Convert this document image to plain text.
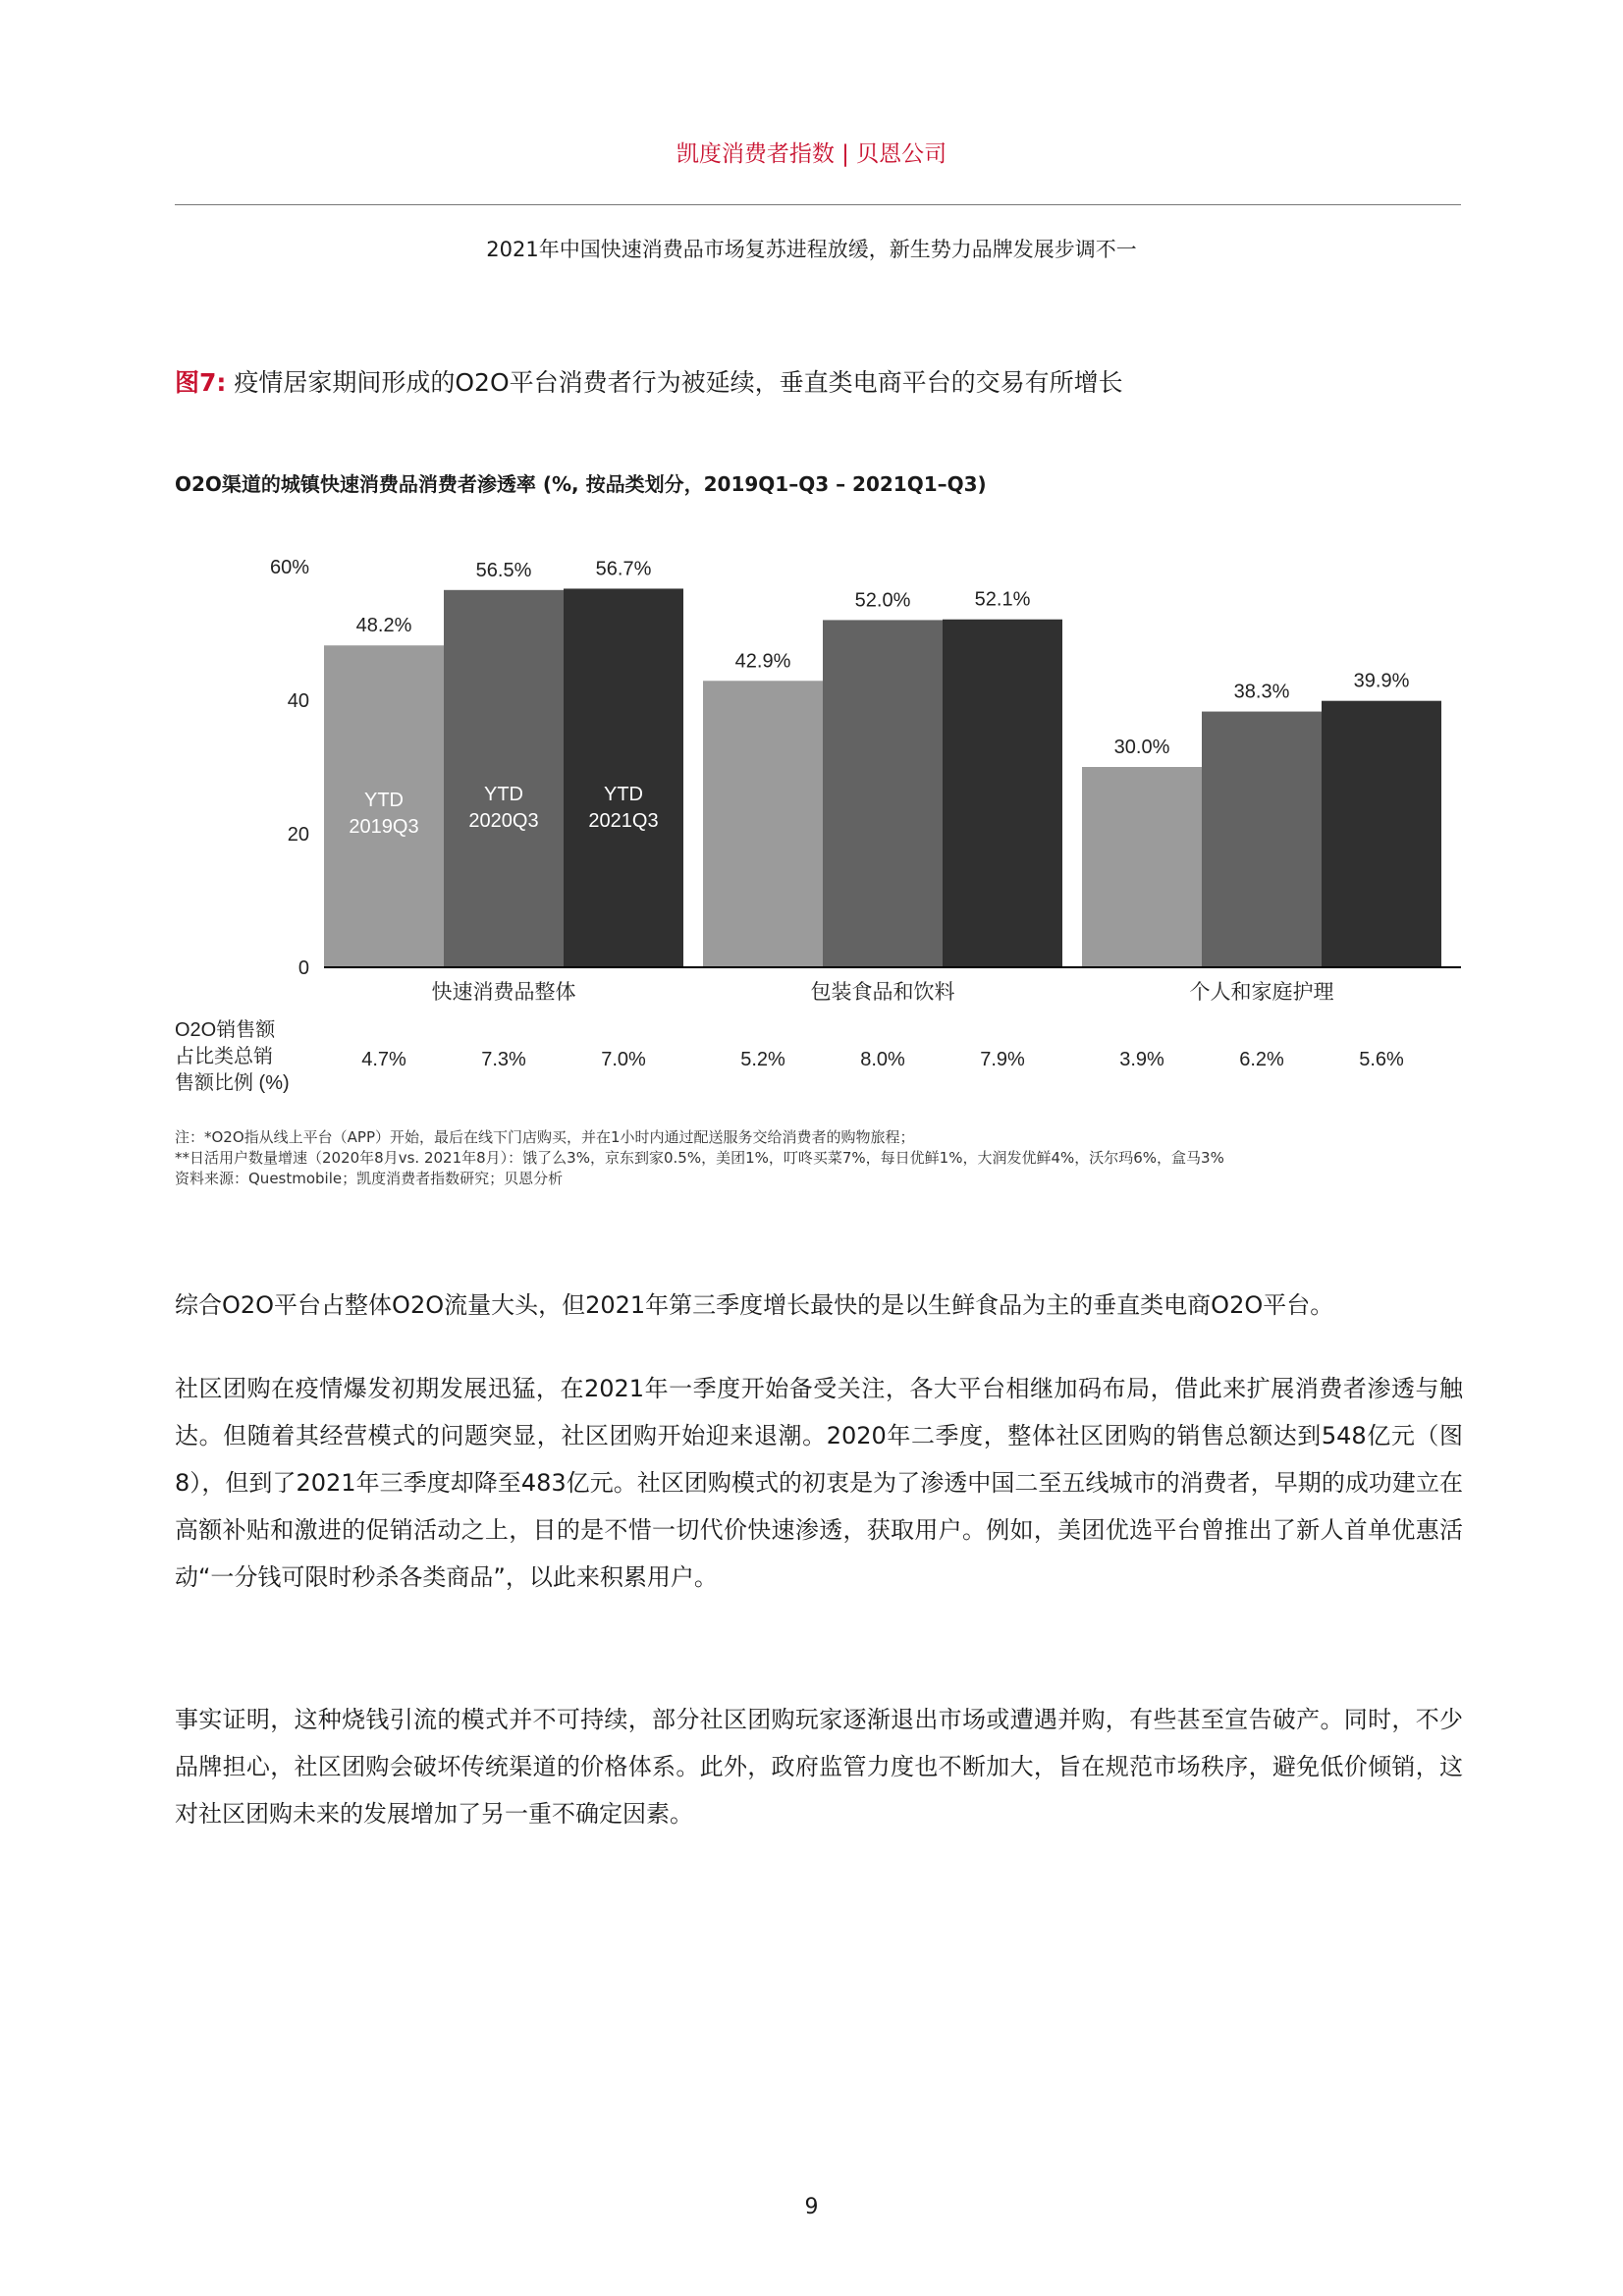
凯度消费者指数 | 贝恩公司
2021年中国快速消费品市场复苏进程放缓，新生势力品牌发展步调不一
图7: 疫情居家期间形成的O2O平台消费者行为被延续，垂直类电商平台的交易有所增长
O2O渠道的城镇快速消费品消费者渗透率 (%, 按品类划分，2019Q1–Q3 – 2021Q1–Q3)
0
20
40
60%
48.2%
YTD
2019Q3
56.5%
YTD
2020Q3
56.7%
YTD
2021Q3
快速消费品整体
42.9%
52.0%	52.1%
包装食品和饮料
30.0%
38.3%	39.9%
个人和家庭护理
O2O销售额
占比类总销
售额比例 (%)
4.7%	7.3%	7.0%	5.2%	8.0%	7.9%	3.9%	6.2%	5.6%
注：*O2O指从线上平台（APP）开始，最后在线下门店购买，并在1小时内通过配送服务交给消费者的购物旅程；
**日活用户数量增速（2020年8月vs. 2021年8月）：饿了么3%，京东到家0.5%，美团1%，叮咚买菜7%，每日优鲜1%，大润发优鲜4%，沃尔玛6%，盒马3%
资料来源：Questmobile；凯度消费者指数研究；贝恩分析
综合O2O平台占整体O2O流量大头，但2021年第三季度增长最快的是以生鲜食品为主的垂直类电商O2O平台。
社区团购在疫情爆发初期发展迅猛，在2021年一季度开始备受关注，各大平台相继加码布局，借此来扩展消费者渗透与触达。但随着其经营模式的问题突显，社区团购开始迎来退潮。2020年二季度，整体社区团购的销售总额达到548亿元（图8），但到了2021年三季度却降至483亿元。社区团购模式的初衷是为了渗透中国二至五线城市的消费者，早期的成功建立在高额补贴和激进的促销活动之上，目的是不惜一切代价快速渗透，获取用户。例如，美团优选平台曾推出了新人首单优惠活动“一分钱可限时秒杀各类商品”，以此来积累用户。
事实证明，这种烧钱引流的模式并不可持续，部分社区团购玩家逐渐退出市场或遭遇并购，有些甚至宣告破产。同时，不少品牌担心，社区团购会破坏传统渠道的价格体系。此外，政府监管力度也不断加大，旨在规范市场秩序，避免低价倾销，这对社区团购未来的发展增加了另一重不确定因素。
9
